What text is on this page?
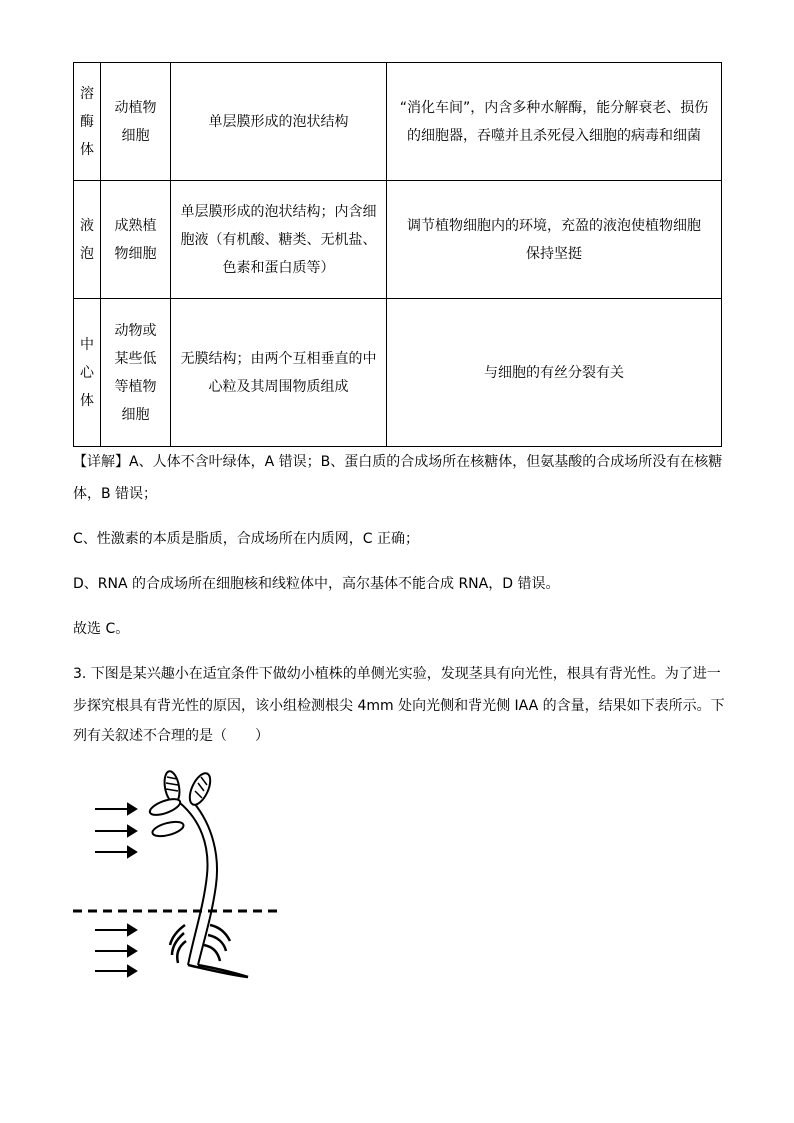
溶酶体	动植物细胞	单层膜形成的泡状结构	“消化车间”，内含多种水解酶，能分解衰老、损伤的细胞器，吞噬并且杀死侵入细胞的病毒和细菌

液泡	成熟植物细胞	单层膜形成的泡状结构；内含细胞液（有机酸、糖类、无机盐、色素和蛋白质等）	调节植物细胞内的环境，充盈的液泡使植物细胞保持坚挺

中心体	动物或某些低等植物细胞	无膜结构；由两个互相垂直的中心粒及其周围物质组成	与细胞的有丝分裂有关
【详解】A、人体不含叶绿体，A 错误；B、蛋白质的合成场所在核糖体，但氨基酸的合成场所没有在核糖
体，B 错误；
C、性激素的本质是脂质，合成场所在内质网，C 正确；
D、RNA 的合成场所在细胞核和线粒体中，高尔基体不能合成 RNA，D 错误。
故选 C。
3. 下图是某兴趣小在适宜条件下做幼小植株的单侧光实验，发现茎具有向光性，根具有背光性。为了进一
步探究根具有背光性的原因，该小组检测根尖 4mm 处向光侧和背光侧 IAA 的含量，结果如下表所示。下
列有关叙述不合理的是（　　）
